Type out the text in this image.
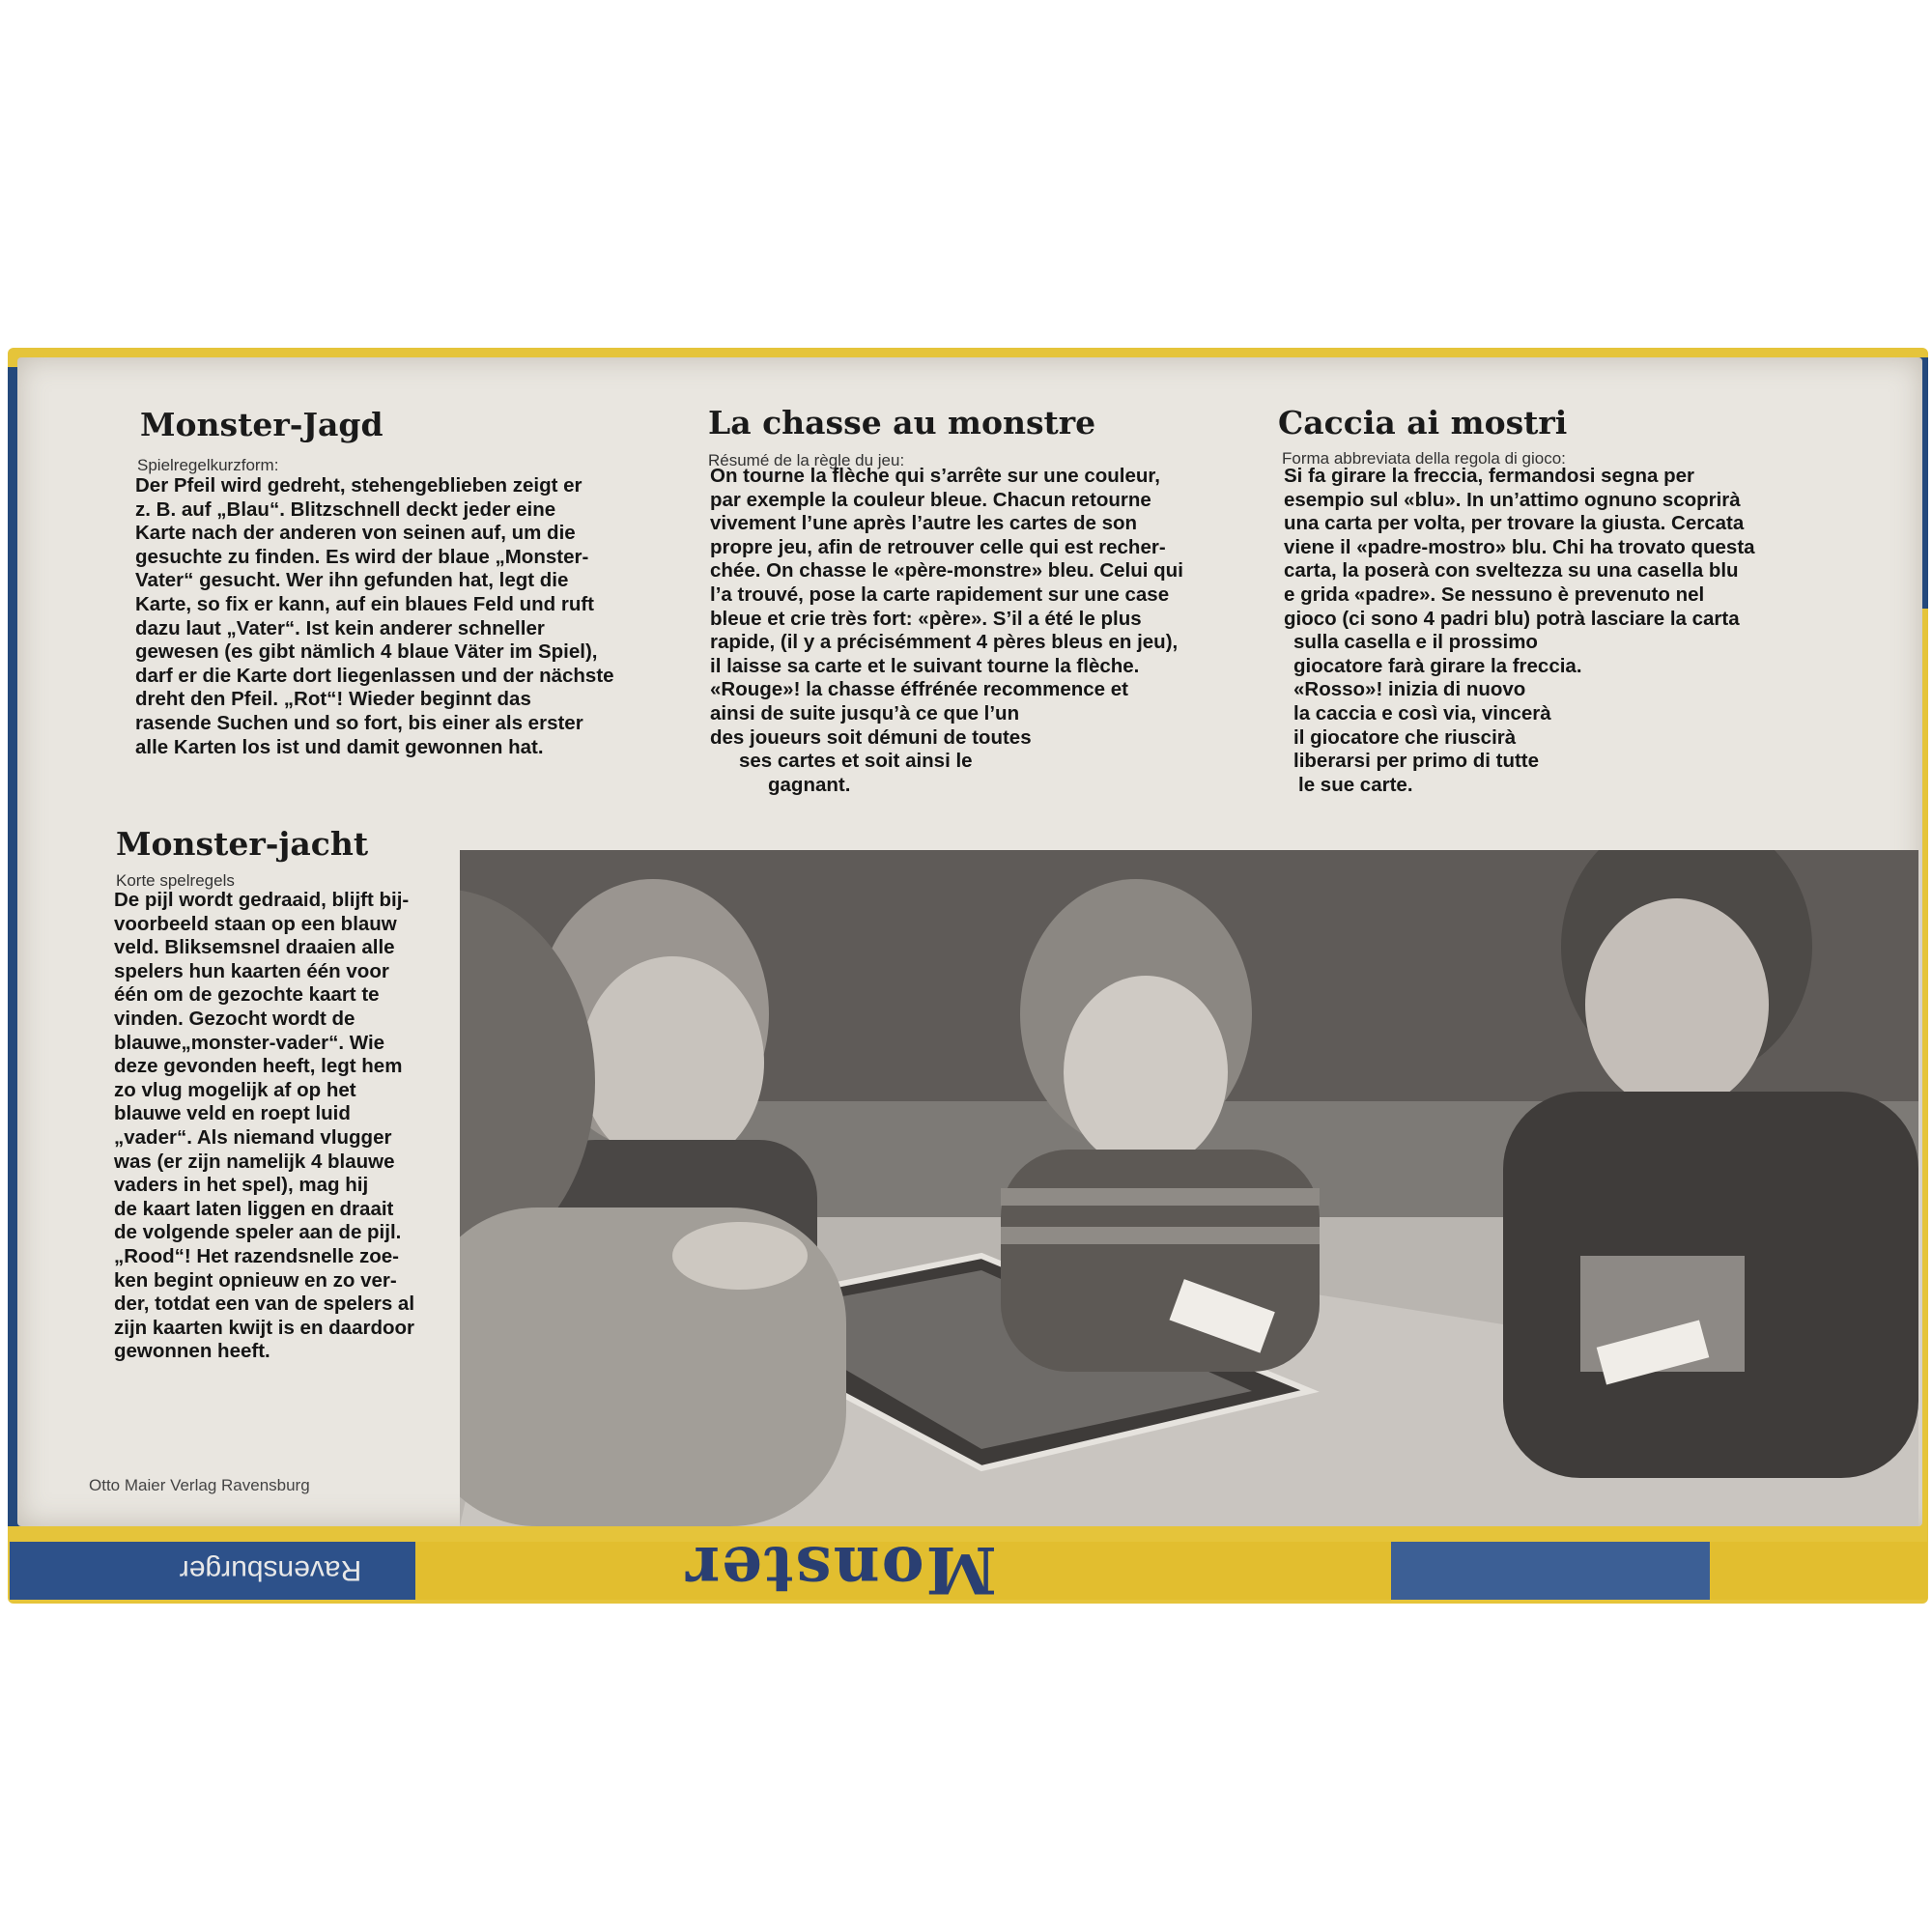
Monster
Ravensburger
Monster-Jagd
Spielregelkurzform:
Der Pfeil wird gedreht, stehengeblieben zeigt er
z. B. auf „Blau“. Blitzschnell deckt jeder eine
Karte nach der anderen von seinen auf, um die
gesuchte zu finden. Es wird der blaue „Monster-
Vater“ gesucht. Wer ihn gefunden hat, legt die
Karte, so fix er kann, auf ein blaues Feld und ruft
dazu laut „Vater“. Ist kein anderer schneller
gewesen (es gibt nämlich 4 blaue Väter im Spiel),
darf er die Karte dort liegenlassen und der nächste
dreht den Pfeil. „Rot“! Wieder beginnt das
rasende Suchen und so fort, bis einer als erster
alle Karten los ist und damit gewonnen hat.
La chasse au monstre
Résumé de la règle du jeu:
On tourne la flèche qui s’arrête sur une couleur,
par exemple la couleur bleue. Chacun retourne
vivement l’une après l’autre les cartes de son
propre jeu, afin de retrouver celle qui est recher-
chée. On chasse le «père-monstre» bleu. Celui qui
l’a trouvé, pose la carte rapidement sur une case
bleue et crie très fort: «père». S’il a été le plus
rapide, (il y a précisémment 4 pères bleus en jeu),
il laisse sa carte et le suivant tourne la flèche.
«Rouge»! la chasse éffrénée recommence et
ainsi de suite jusqu’à ce que l’un
des joueurs soit démuni de toutes
ses cartes et soit ainsi le
gagnant.
Caccia ai mostri
Forma abbreviata della regola di gioco:
Si fa girare la freccia, fermandosi segna per
esempio sul «blu». In un’attimo ognuno scoprirà
una carta per volta, per trovare la giusta. Cercata
viene il «padre-mostro» blu. Chi ha trovato questa
carta, la poserà con sveltezza su una casella blu
e grida «padre». Se nessuno è prevenuto nel
gioco (ci sono 4 padri blu) potrà lasciare la carta
sulla casella e il prossimo
giocatore farà girare la freccia.
«Rosso»! inizia di nuovo
la caccia e così via, vincerà
il giocatore che riuscirà
liberarsi per primo di tutte
le sue carte.
Monster-jacht
Korte spelregels
De pijl wordt gedraaid, blijft bij-
voorbeeld staan op een blauw
veld. Bliksemsnel draaien alle
spelers hun kaarten één voor
één om de gezochte kaart te
vinden. Gezocht wordt de
blauwe„monster-vader“. Wie
deze gevonden heeft, legt hem
zo vlug mogelijk af op het
blauwe veld en roept luid
„vader“. Als niemand vlugger
was (er zijn namelijk 4 blauwe
vaders in het spel), mag hij
de kaart laten liggen en draait
de volgende speler aan de pijl.
„Rood“! Het razendsnelle zoe-
ken begint opnieuw en zo ver-
der, totdat een van de spelers al
zijn kaarten kwijt is en daardoor
gewonnen heeft.
Otto Maier Verlag Ravensburg
